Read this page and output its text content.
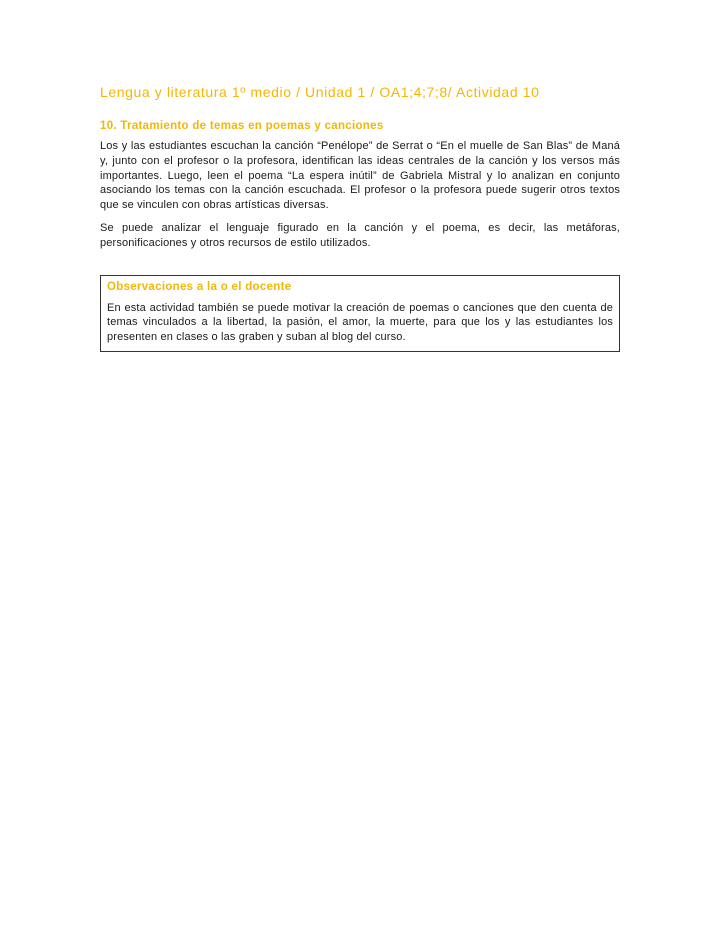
Lengua y literatura 1º medio / Unidad 1 / OA1;4;7;8/ Actividad 10
10. Tratamiento de temas en poemas y canciones

Los y las estudiantes escuchan la canción “Penélope” de Serrat o “En el muelle de San Blas” de Maná y, junto con el profesor o la profesora, identifican las ideas centrales de la canción y los versos más importantes. Luego, leen el poema “La espera inútil” de Gabriela Mistral y lo analizan en conjunto asociando los temas con la canción escuchada. El profesor o la profesora puede sugerir otros textos que se vinculen con obras artísticas diversas.

Se puede analizar el lenguaje figurado en la canción y el poema, es decir, las metáforas, personificaciones y otros recursos de estilo utilizados.

Observaciones a la o el docente

En esta actividad también se puede motivar la creación de poemas o canciones que den cuenta de temas vinculados a la libertad, la pasión, el amor, la muerte, para que los y las estudiantes los presenten en clases o las graben y suban al blog del curso.
